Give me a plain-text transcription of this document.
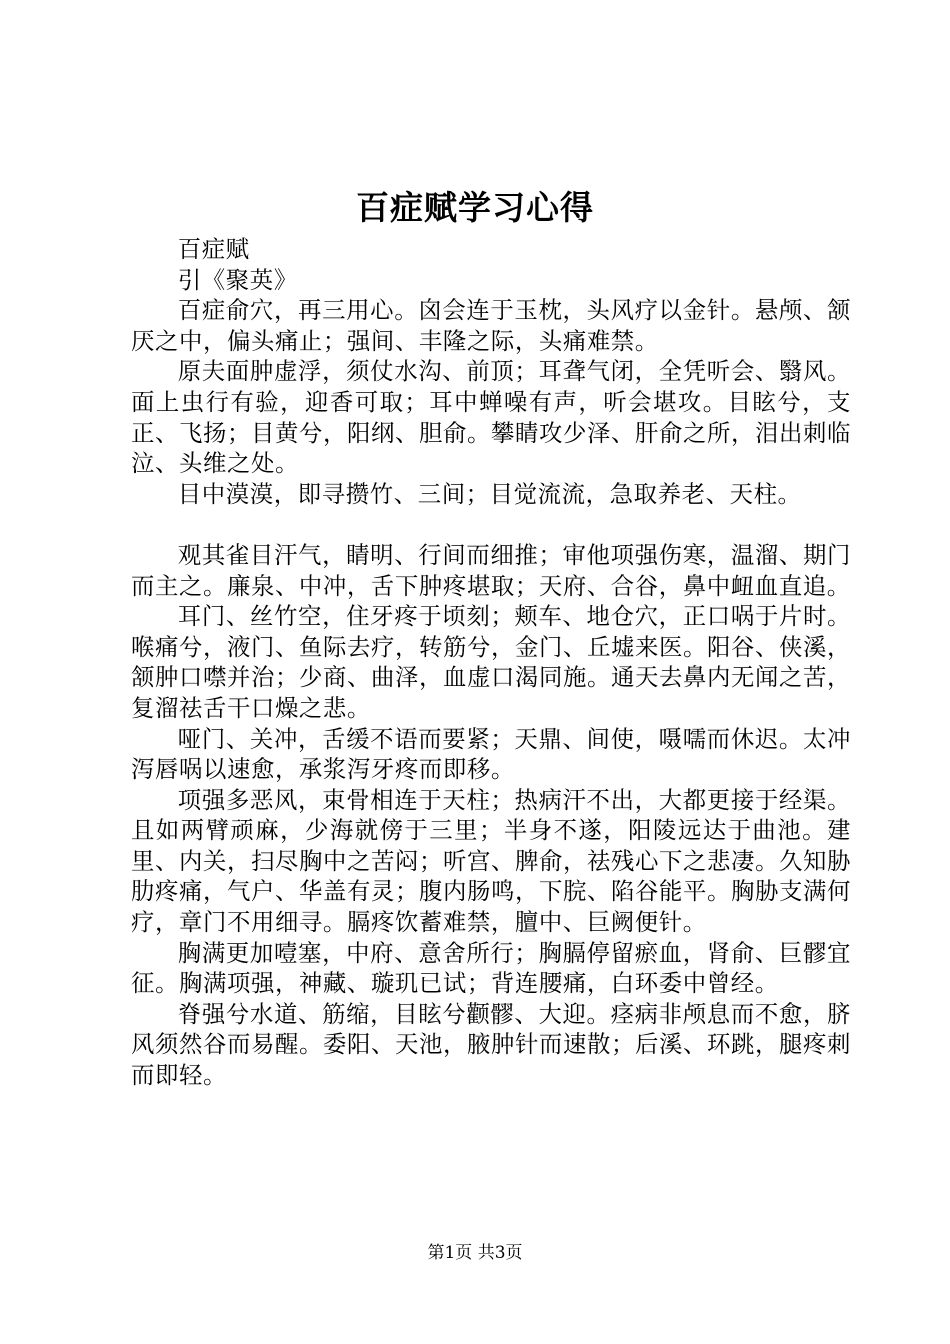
百症赋学习心得

百症赋

引《聚英》

百症俞穴，再三用心。囟会连于玉枕，头风疗以金针。悬颅、颔厌之中，偏头痛止；强间、丰隆之际，头痛难禁。

原夫面肿虚浮，须仗水沟、前顶；耳聋气闭，全凭听会、翳风。面上虫行有验，迎香可取；耳中蝉噪有声，听会堪攻。目眩兮，支正、飞扬；目黄兮，阳纲、胆俞。攀睛攻少泽、肝俞之所，泪出刺临泣、头维之处。

目中漠漠，即寻攒竹、三间；目觉流流，急取养老、天柱。

观其雀目汗气，睛明、行间而细推；审他项强伤寒，温溜、期门而主之。廉泉、中冲，舌下肿疼堪取；天府、合谷，鼻中衄血直追。

耳门、丝竹空，住牙疼于顷刻；颊车、地仓穴，正口㖞于片时。喉痛兮，液门、鱼际去疗，转筋兮，金门、丘墟来医。阳谷、侠溪，颔肿口噤并治；少商、曲泽，血虚口渴同施。通天去鼻内无闻之苦，复溜祛舌干口燥之悲。

哑门、关冲，舌缓不语而要紧；天鼎、间使，嗫嚅而休迟。太冲泻唇㖞以速愈，承浆泻牙疼而即移。

项强多恶风，束骨相连于天柱；热病汗不出，大都更接于经渠。且如两臂顽麻，少海就傍于三里；半身不遂，阳陵远达于曲池。建里、内关，扫尽胸中之苦闷；听宫、脾俞，祛残心下之悲凄。久知胁肋疼痛，气户、华盖有灵；腹内肠鸣，下脘、陷谷能平。胸胁支满何疗，章门不用细寻。膈疼饮蓄难禁，膻中、巨阙便针。

胸满更加噎塞，中府、意舍所行；胸膈停留瘀血，肾俞、巨髎宜征。胸满项强，神藏、璇玑已试；背连腰痛，白环委中曾经。

脊强兮水道、筋缩，目眩兮颧髎、大迎。痉病非颅息而不愈，脐风须然谷而易醒。委阳、天池，腋肿针而速散；后溪、环跳，腿疼刺而即轻。

第1页 共3页
